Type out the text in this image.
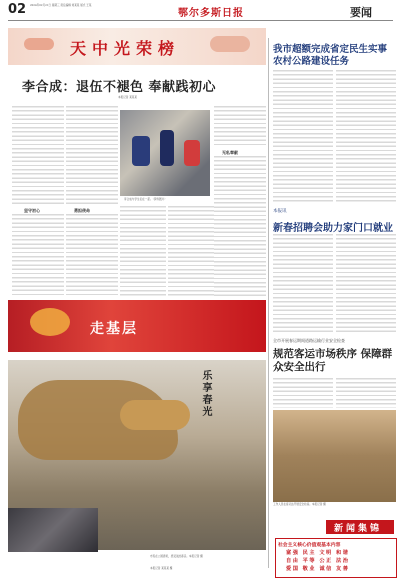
02 2024年02月21日 星期三 责任编辑 刘某某 版式 王某
鄂尔多斯日报	要闻
天中光荣榜
李合成：退伍不褪色 奉献践初心
本报记者 某某某
坚守初心	勇担使命
无私奉献
李合成与学生们在一起。（资料图片）
我市超额完成省定民生实事农村公路建设任务
本报讯
新春招聘会助力家门口就业
全市开展春运期间道路运输行业安全检查
规范客运市场秩序 保障群众安全出行
工作人员在客运站开展安全检查。本报记者 摄
新闻集锦
社会主义核心价值观基本内容
富强 民主 文明 和谐
自由 平等 公正 法治
爱国 敬业 诚信 友善
走基层
乐享春光
市民在公园游玩，感受浓浓春意。本报记者 摄
本报记者 某某某 摄
